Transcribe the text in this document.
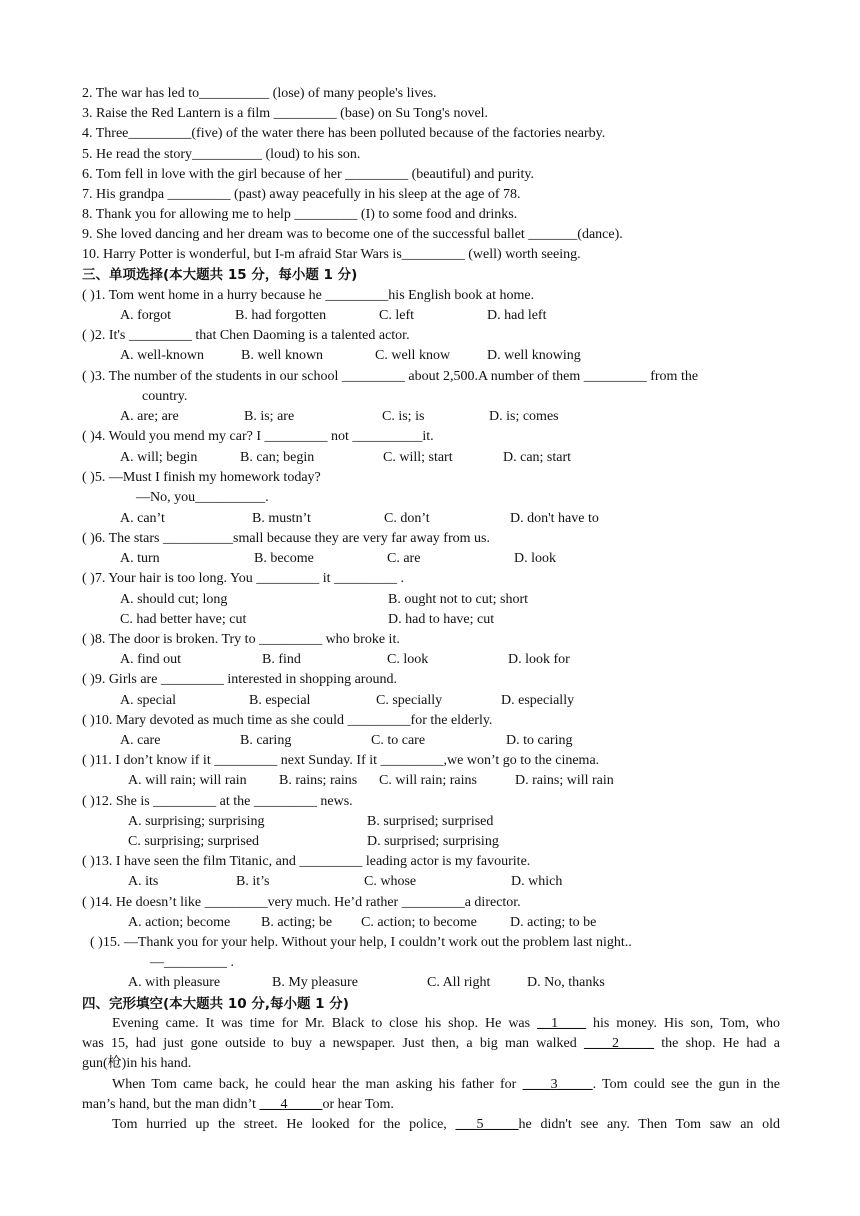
2. The war has led to__________ (lose) of many people's lives.
3. Raise the Red Lantern is a film _________ (base) on Su Tong's novel.
4. Three_________(five) of the water there has been polluted because of the factories nearby.
5. He read the story__________ (loud) to his son.
6. Tom fell in love with the girl because of her _________ (beautiful) and purity.
7. His grandpa _________ (past) away peacefully in his sleep at the age of 78.
8. Thank you for allowing me to help _________ (I) to some food and drinks.
9. She loved dancing and her dream was to become one of the successful ballet _______(dance).
10. Harry Potter is wonderful, but I-m afraid Star Wars is_________ (well) worth seeing.
三、单项选择(本大题共 15 分，每小题 1 分)
( )1. Tom went home in a hurry because he _________his English book at home.
A. forgot	B. had forgotten	C. left	D. had left
( )2. It's _________ that Chen Daoming is a talented actor.
A. well-known	B. well known	C. well know	D. well knowing
( )3. The number of the students in our school _________ about 2,500.A number of them _________ from the
country.
A. are; are	B. is; are	C. is; is	D. is; comes
( )4. Would you mend my car? I _________ not __________it.
A. will; begin	B. can; begin	C. will; start	D. can; start
( )5. —Must I finish my homework today?
—No, you__________.
A. can’t	B. mustn’t	C. don’t	D. don't have to
( )6. The stars __________small because they are very far away from us.
A. turn	B. become	C. are	D. look
( )7. Your hair is too long. You _________ it _________ .
A. should cut; long	B. ought not to cut; short
C. had better have; cut	D. had to have; cut
( )8. The door is broken. Try to _________ who broke it.
A. find out	B. find	C. look	D. look for
( )9. Girls are _________ interested in shopping around.
A. special	B. especial	C. specially	D. especially
( )10. Mary devoted as much time as she could _________for the elderly.
A. care	B. caring	C. to care	D. to caring
( )11. I don’t know if it _________ next Sunday. If it _________,we won’t go to the cinema.
A. will rain; will rain B. rains; rains C. will rain; rains	D. rains; will rain
( )12. She is _________ at the _________ news.
A. surprising; surprising	B. surprised; surprised
C. surprising; surprised	D. surprised; surprising
( )13. I have seen the film Titanic, and _________ leading actor is my favourite.
A. its	B. it’s	C. whose	D. which
( )14. He doesn’t like _________very much. He’d rather _________a director.
A. action; become B. acting; be C. action; to become D. acting; to be
( )15. —Thank you for your help. Without your help, I couldn’t work out the problem last night..
—_________ .
A. with pleasure	B. My pleasure	C. All right	D. No, thanks
四、完形填空(本大题共 10 分,每小题 1 分)
Evening came. It was time for Mr. Black to close his shop. He was __1____ his money. His son, Tom, who
was 15, had just gone outside to buy a newspaper. Just then, a big man walked ____2_____ the shop. He had a
gun(枪)in his hand.
When Tom came back, he could hear the man asking his father for ____3_____. Tom could see the gun in the
man’s hand, but the man didn’t ___4_____or hear Tom.
Tom hurried up the street. He looked for the police, ___5_____he didn't see any. Then Tom saw an old
